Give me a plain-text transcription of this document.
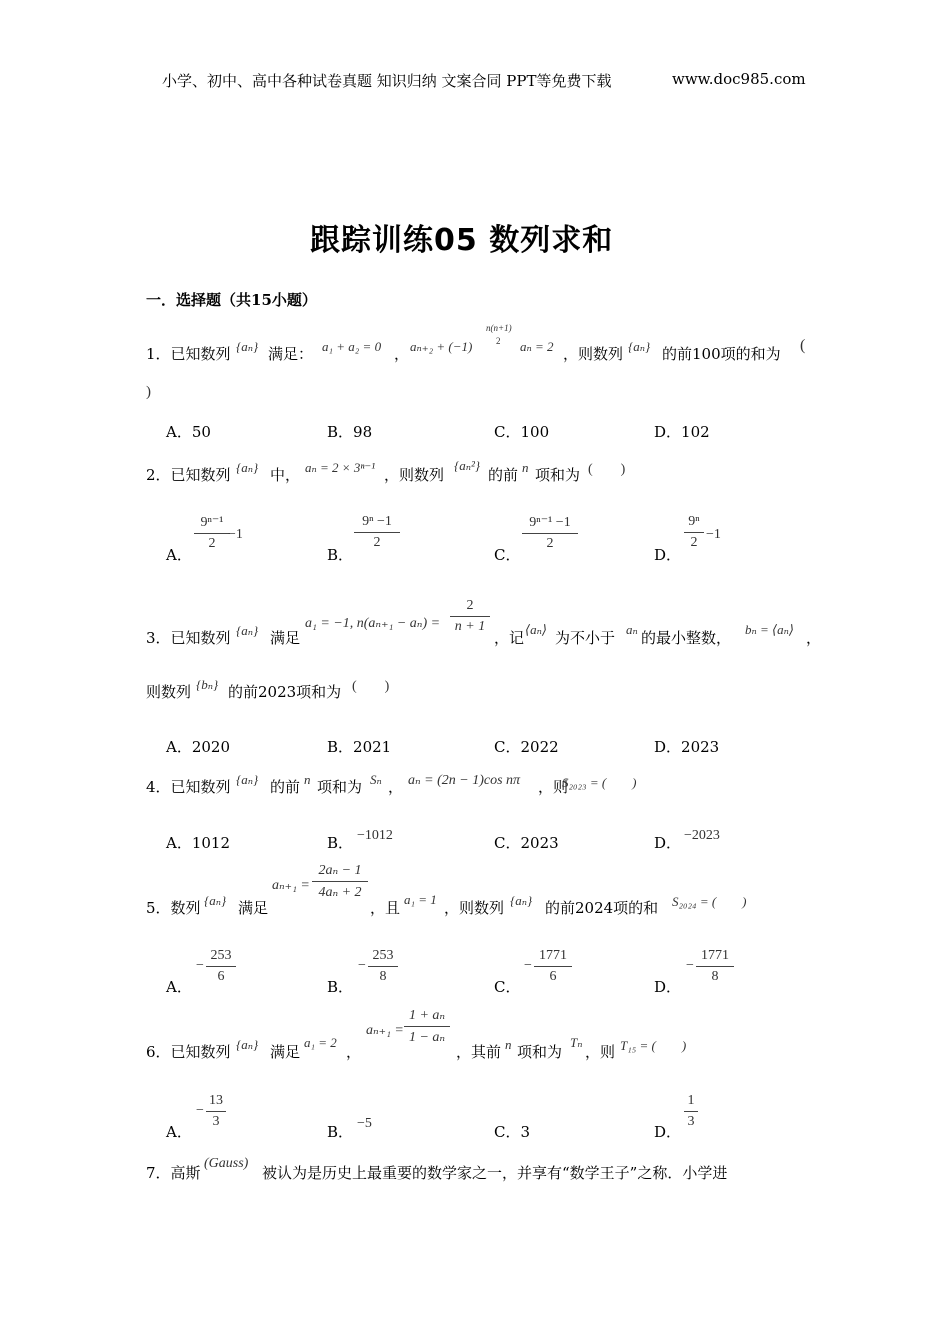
小学、初中、高中各种试卷真题 知识归纳 文案合同 PPT等免费下载	www.doc985.com
跟踪训练05 数列求和
一．选择题（共15小题）
1．已知数列 {aₙ} 满足： a₁ + a₂ = 0 ， aₙ₊₂ + (−1)
n(n+1)
2 aₙ = 2 ，则数列 {aₙ} 的前100项的和为 (
)
A．50	B．98	C．100	D．102
2．已知数列 {aₙ} 中， aₙ = 2 × 3ⁿ⁻¹ ，则数列
{aₙ²}
的前 n 项和为 (　　)
A．
9ⁿ⁻¹
2
−1
B．
9ⁿ −1
2
C．
9ⁿ⁻¹ −1
2
D．
9ⁿ
2
−1
3．已知数列 {aₙ} 满足
a₁ = −1, n(aₙ₊₁ − aₙ) =
2
n + 1
，记 ⟨aₙ⟩ 为不小于 aₙ 的最小整数， bₙ = ⟨aₙ⟩ ，
则数列 {bₙ} 的前2023项和为 (　　)
A．2020	B．2021	C．2022	D．2023
4．已知数列 {aₙ} 的前 n 项和为 Sₙ ， aₙ = (2n − 1)cos nπ ，则
S₂₀₂₃ = (　　)
A．1012	B． −1012	C．2023	D． −2023
5．数列 {aₙ} 满足
aₙ₊₁ =
2aₙ − 1
4aₙ + 2
，且 a₁ = 1 ，则数列 {aₙ} 的前2024项的和 S₂₀₂₄ = (　　)
A．
−
253
6
B．
−
253
8
C．
−
1771
6
D．
−
1771
8
6．已知数列 {aₙ} 满足
a₁ = 2
，
aₙ₊₁ =
1 + aₙ
1 − aₙ
，其前 n 项和为
Tₙ
，则 T₁₅ = (　　)
A．
−
13
3
B． −5	C．3	D．
1
3
7．高斯
(Gauss)
被认为是历史上最重要的数学家之一，并享有“数学王子”之称．小学进
